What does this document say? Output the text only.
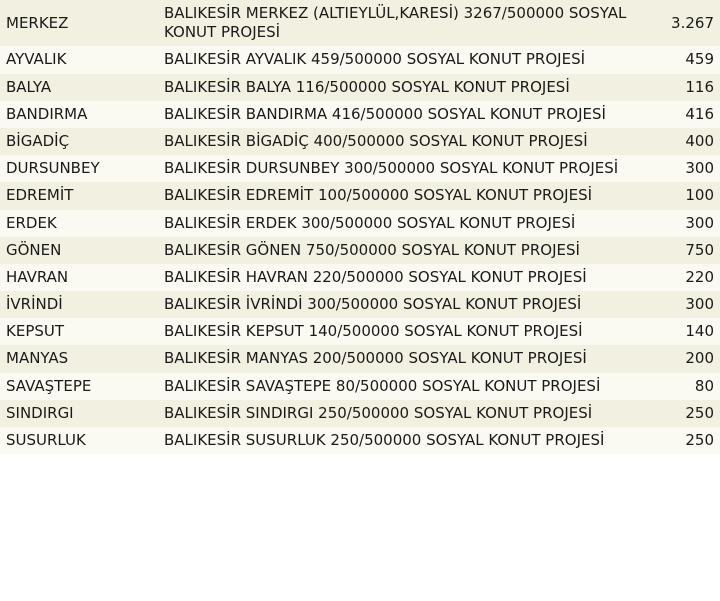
MERKEZ	BALIKESİR MERKEZ (ALTIEYLÜL,KARESİ) 3267/500000 SOSYAL KONUT PROJESİ	3.267
AYVALIK	BALIKESİR AYVALIK 459/500000 SOSYAL KONUT PROJESİ	459
BALYA	BALIKESİR BALYA 116/500000 SOSYAL KONUT PROJESİ	116
BANDIRMA	BALIKESİR BANDIRMA 416/500000 SOSYAL KONUT PROJESİ	416
BİGADİÇ	BALIKESİR BİGADİÇ 400/500000 SOSYAL KONUT PROJESİ	400
DURSUNBEY	BALIKESİR DURSUNBEY 300/500000 SOSYAL KONUT PROJESİ	300
EDREMİT	BALIKESİR EDREMİT 100/500000 SOSYAL KONUT PROJESİ	100
ERDEK	BALIKESİR ERDEK 300/500000 SOSYAL KONUT PROJESİ	300
GÖNEN	BALIKESİR GÖNEN 750/500000 SOSYAL KONUT PROJESİ	750
HAVRAN	BALIKESİR HAVRAN 220/500000 SOSYAL KONUT PROJESİ	220
İVRİNDİ	BALIKESİR İVRİNDİ 300/500000 SOSYAL KONUT PROJESİ	300
KEPSUT	BALIKESİR KEPSUT 140/500000 SOSYAL KONUT PROJESİ	140
MANYAS	BALIKESİR MANYAS 200/500000 SOSYAL KONUT PROJESİ	200
SAVAŞTEPE	BALIKESİR SAVAŞTEPE 80/500000 SOSYAL KONUT PROJESİ	80
SINDIRGI	BALIKESİR SINDIRGI 250/500000 SOSYAL KONUT PROJESİ	250
SUSURLUK	BALIKESİR SUSURLUK 250/500000 SOSYAL KONUT PROJESİ	250
